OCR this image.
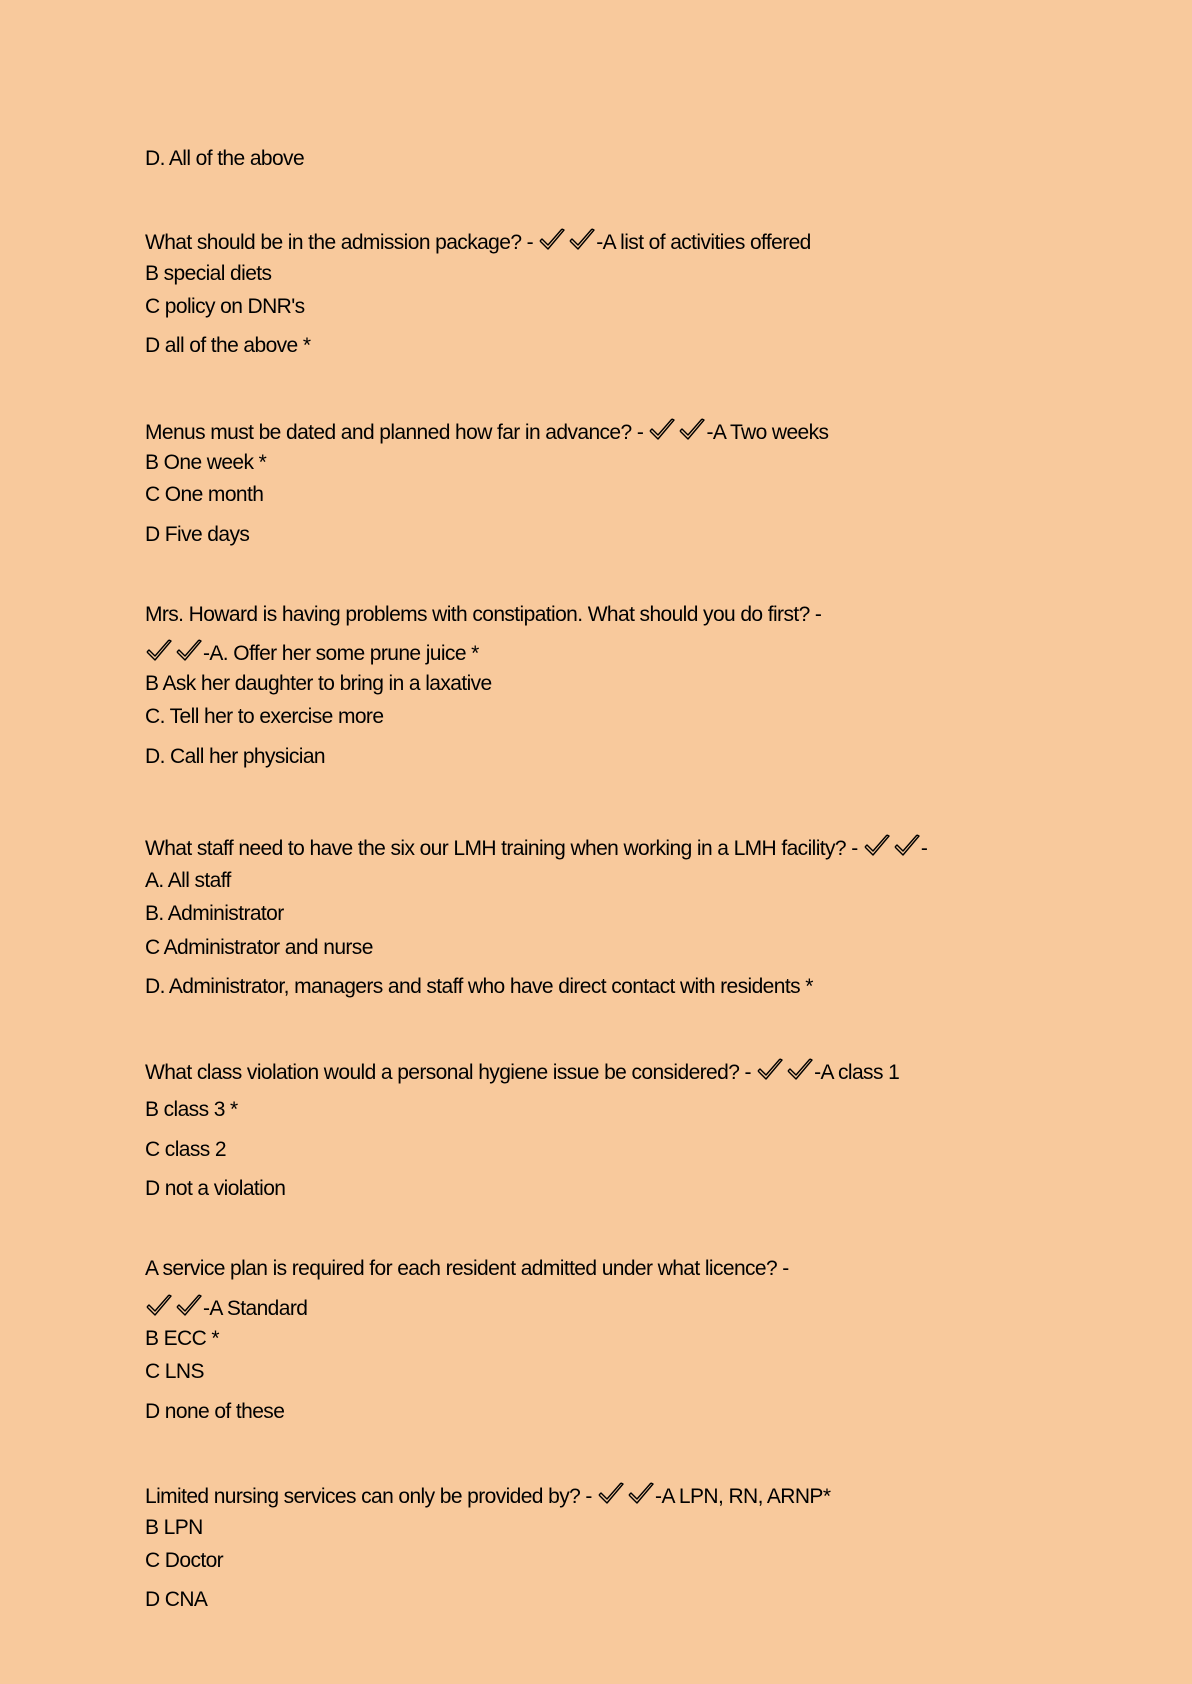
D. All of the above
What should be in the admission package? -	-A list of activities offered
B special diets
C policy on DNR's
D all of the above *
Menus must be dated and planned how far in advance? -	-A Two weeks
B One week *
C One month
D Five days
Mrs. Howard is having problems with constipation. What should you do first? -
-A. Offer her some prune juice *
B Ask her daughter to bring in a laxative
C. Tell her to exercise more
D. Call her physician
What staff need to have the six our LMH training when working in a LMH facility? -	-
A. All staff
B. Administrator
C Administrator and nurse
D. Administrator, managers and staff who have direct contact with residents *
What class violation would a personal hygiene issue be considered? -	-A class 1
B class 3 *
C class 2
D not a violation
A service plan is required for each resident admitted under what licence? -
-A Standard
B ECC *
C LNS
D none of these
Limited nursing services can only be provided by? -	-A LPN, RN, ARNP*
B LPN
C Doctor
D CNA
